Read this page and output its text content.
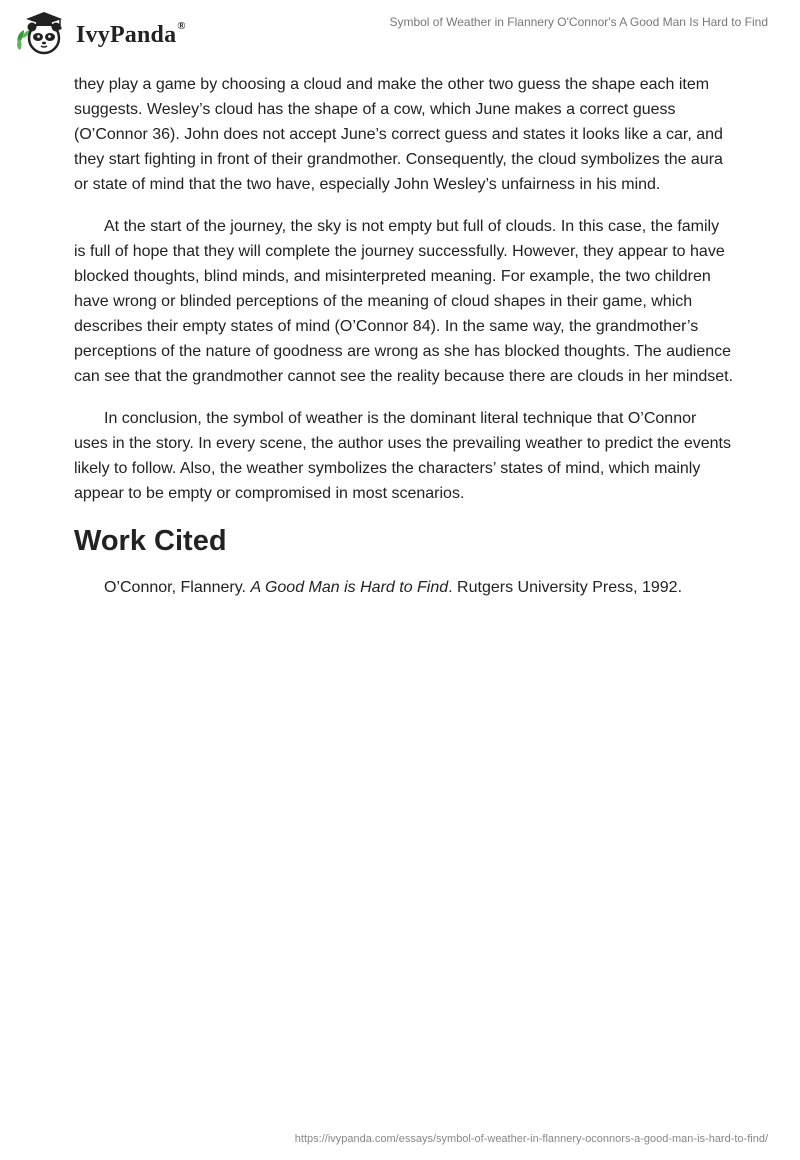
IvyPanda®	Symbol of Weather in Flannery O'Connor's A Good Man Is Hard to Find

they play a game by choosing a cloud and make the other two guess the shape each item suggests. Wesley’s cloud has the shape of a cow, which June makes a correct guess (O’Connor 36). John does not accept June’s correct guess and states it looks like a car, and they start fighting in front of their grandmother. Consequently, the cloud symbolizes the aura or state of mind that the two have, especially John Wesley’s unfairness in his mind.

At the start of the journey, the sky is not empty but full of clouds. In this case, the family is full of hope that they will complete the journey successfully. However, they appear to have blocked thoughts, blind minds, and misinterpreted meaning. For example, the two children have wrong or blinded perceptions of the meaning of cloud shapes in their game, which describes their empty states of mind (O’Connor 84). In the same way, the grandmother’s perceptions of the nature of goodness are wrong as she has blocked thoughts. The audience can see that the grandmother cannot see the reality because there are clouds in her mindset.

In conclusion, the symbol of weather is the dominant literal technique that O’Connor uses in the story. In every scene, the author uses the prevailing weather to predict the events likely to follow. Also, the weather symbolizes the characters’ states of mind, which mainly appear to be empty or compromised in most scenarios.

Work Cited

O’Connor, Flannery. A Good Man is Hard to Find. Rutgers University Press, 1992.

https://ivypanda.com/essays/symbol-of-weather-in-flannery-oconnors-a-good-man-is-hard-to-find/
